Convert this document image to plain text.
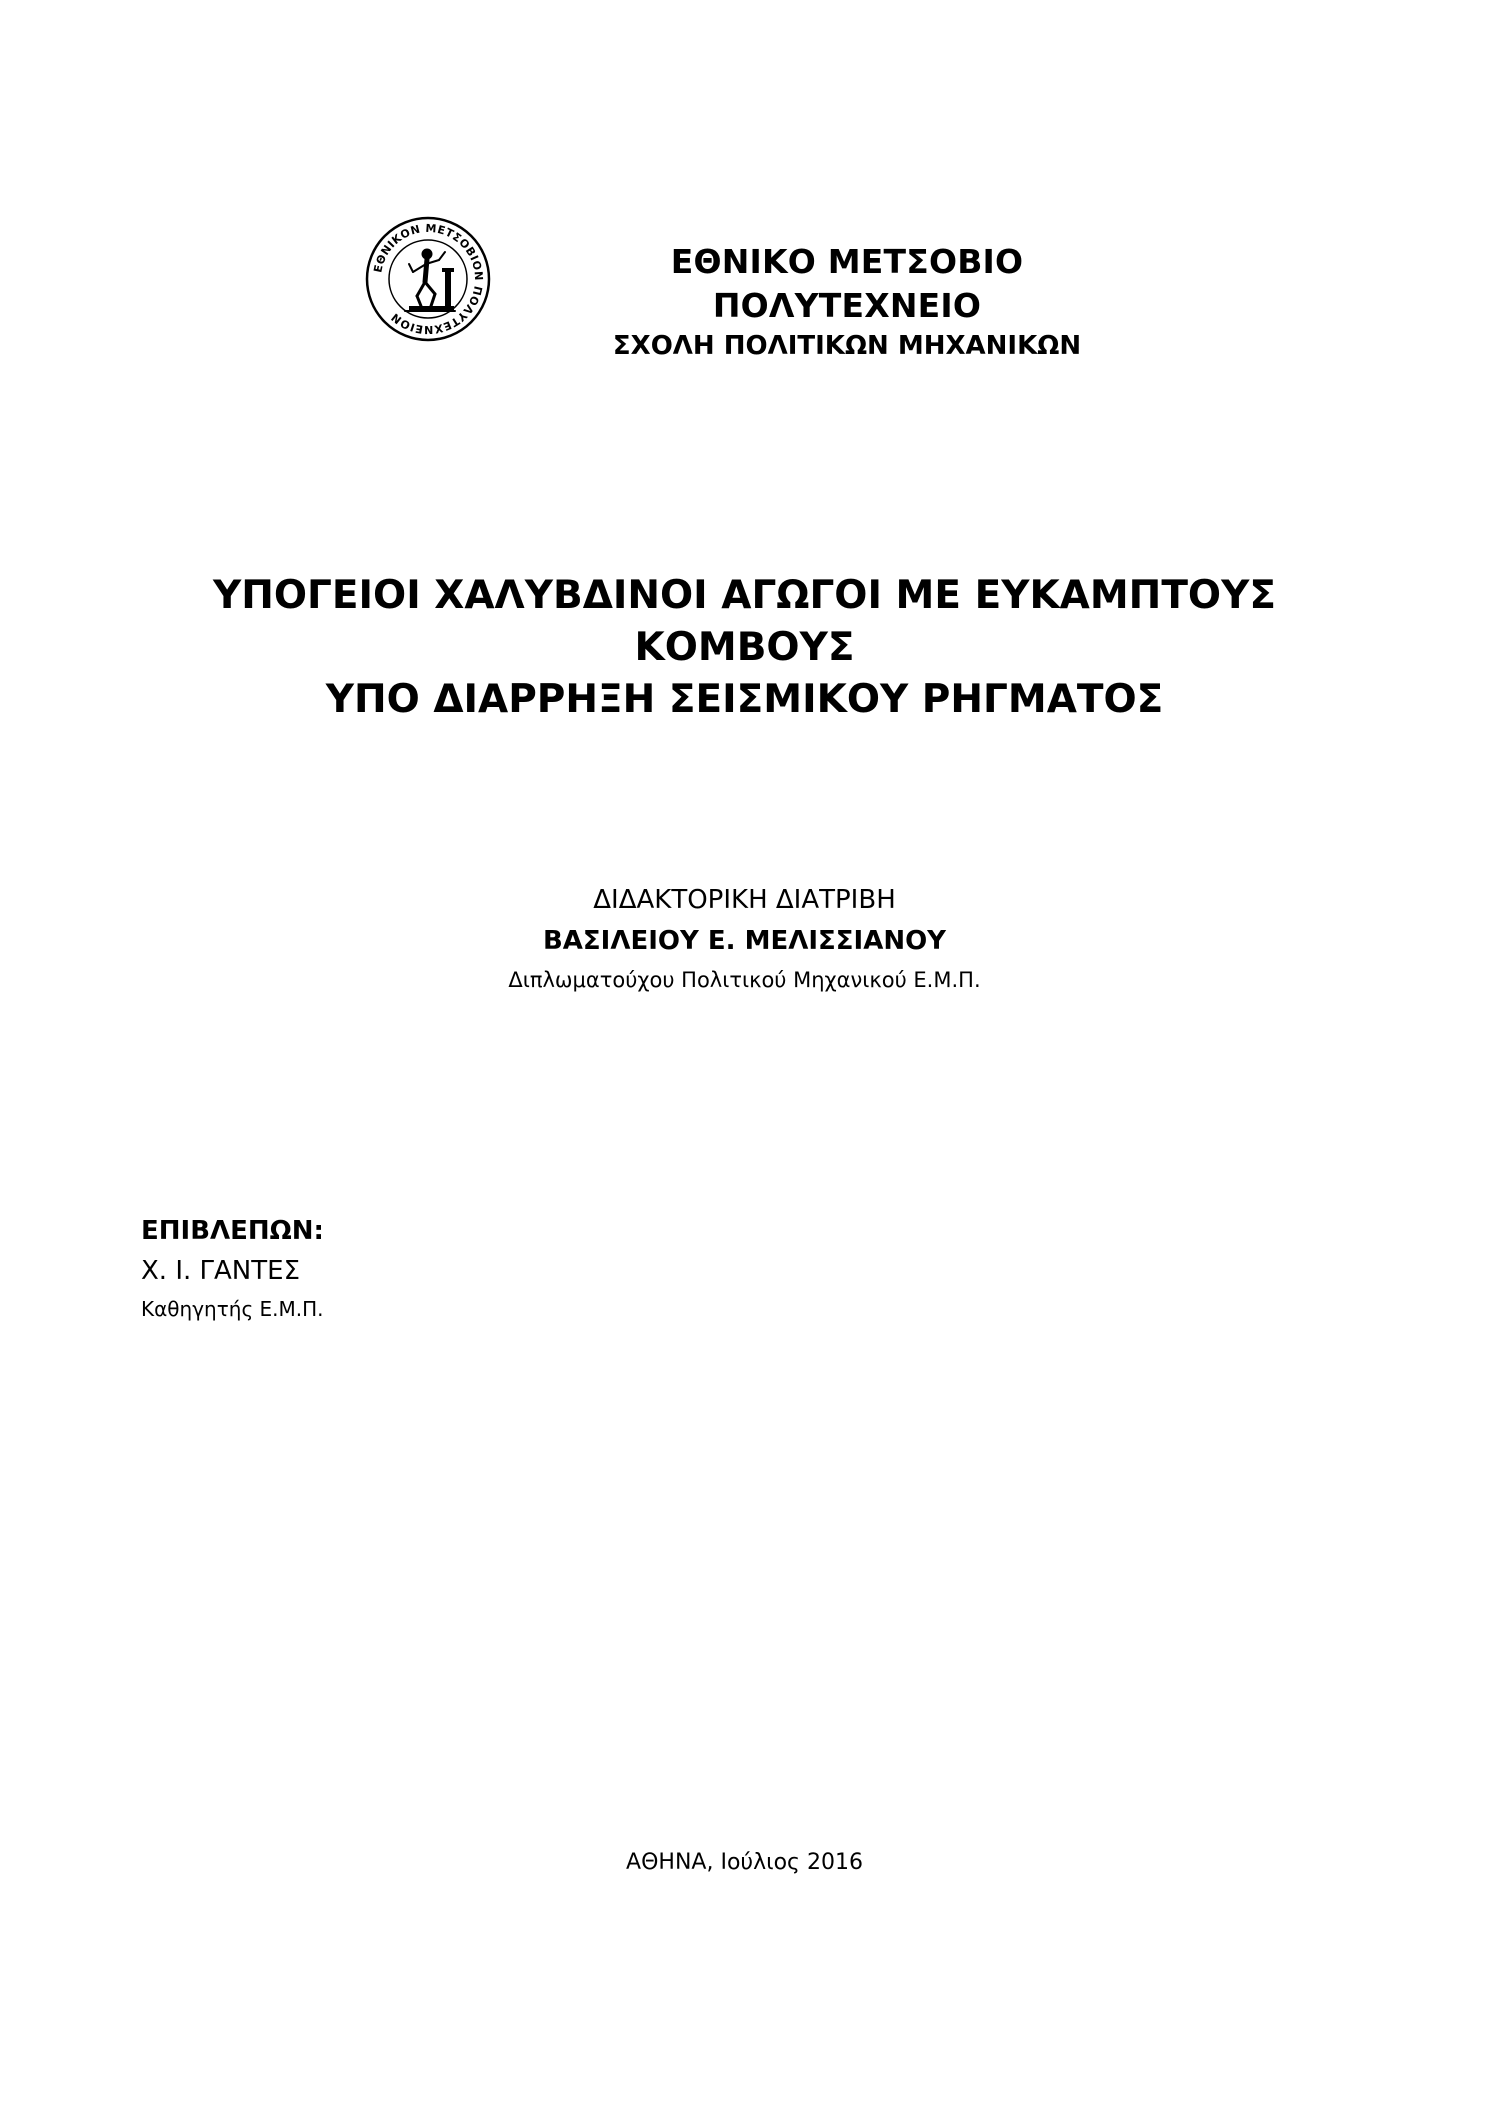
ΕΘΝΙΚΟΝ ΜΕΤΣΟΒΙΟΝ ΠΟΛΥΤΕΧΝΕΙΟΝ
ΕΘΝΙΚΟ ΜΕΤΣΟΒΙΟ ΠΟΛΥΤΕΧΝΕΙΟ
ΣΧΟΛΗ ΠΟΛΙΤΙΚΩΝ ΜΗΧΑΝΙΚΩΝ
ΥΠΟΓΕΙΟΙ ΧΑΛΥΒΔΙΝΟΙ ΑΓΩΓΟΙ ΜΕ ΕΥΚΑΜΠΤΟΥΣ ΚΟΜΒΟΥΣ
ΥΠΟ ΔΙΑΡΡΗΞΗ ΣΕΙΣΜΙΚΟΥ ΡΗΓΜΑΤΟΣ
ΔΙΔΑΚΤΟΡΙΚΗ ΔΙΑΤΡΙΒΗ
ΒΑΣΙΛΕΙΟΥ Ε. ΜΕΛΙΣΣΙΑΝΟΥ
Διπλωματούχου Πολιτικού Μηχανικού Ε.Μ.Π.
ΕΠΙΒΛΕΠΩΝ:
Χ. Ι. ΓΑΝΤΕΣ
Καθηγητής Ε.Μ.Π.
ΑΘΗΝΑ, Ιούλιος 2016
